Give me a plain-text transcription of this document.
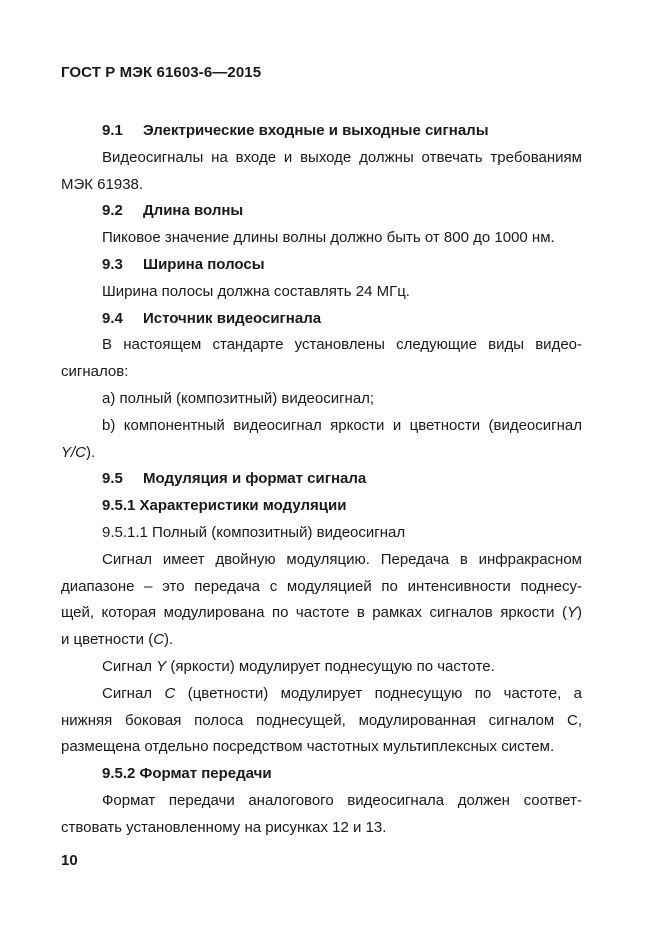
ГОСТ Р МЭК 61603-6—2015
9.1 Электрические входные и выходные сигналы
Видеосигналы на входе и выходе должны отвечать требованиям
МЭК 61938.
9.2 Длина волны
Пиковое значение длины волны должно быть от 800 до 1000 нм.
9.3 Ширина полосы
Ширина полосы должна составлять 24 МГц.
9.4 Источник видеосигнала
В настоящем стандарте установлены следующие виды видео-
сигналов:
a) полный (композитный) видеосигнал;
b) компонентный видеосигнал яркости и цветности (видеосигнал
Y/C).
9.5 Модуляция и формат сигнала
9.5.1 Характеристики модуляции
9.5.1.1 Полный (композитный) видеосигнал
Сигнал имеет двойную модуляцию. Передача в инфракрасном
диапазоне – это передача с модуляцией по интенсивности поднесу-
щей, которая модулирована по частоте в рамках сигналов яркости (Y)
и цветности (С).
Сигнал Y (яркости) модулирует поднесущую по частоте.
Сигнал С (цветности) модулирует поднесущую по частоте, а
нижняя боковая полоса поднесущей, модулированная сигналом С,
размещена отдельно посредством частотных мультиплексных систем.
9.5.2 Формат передачи
Формат передачи аналогового видеосигнала должен соответ-
ствовать установленному на рисунках 12 и 13.
10
